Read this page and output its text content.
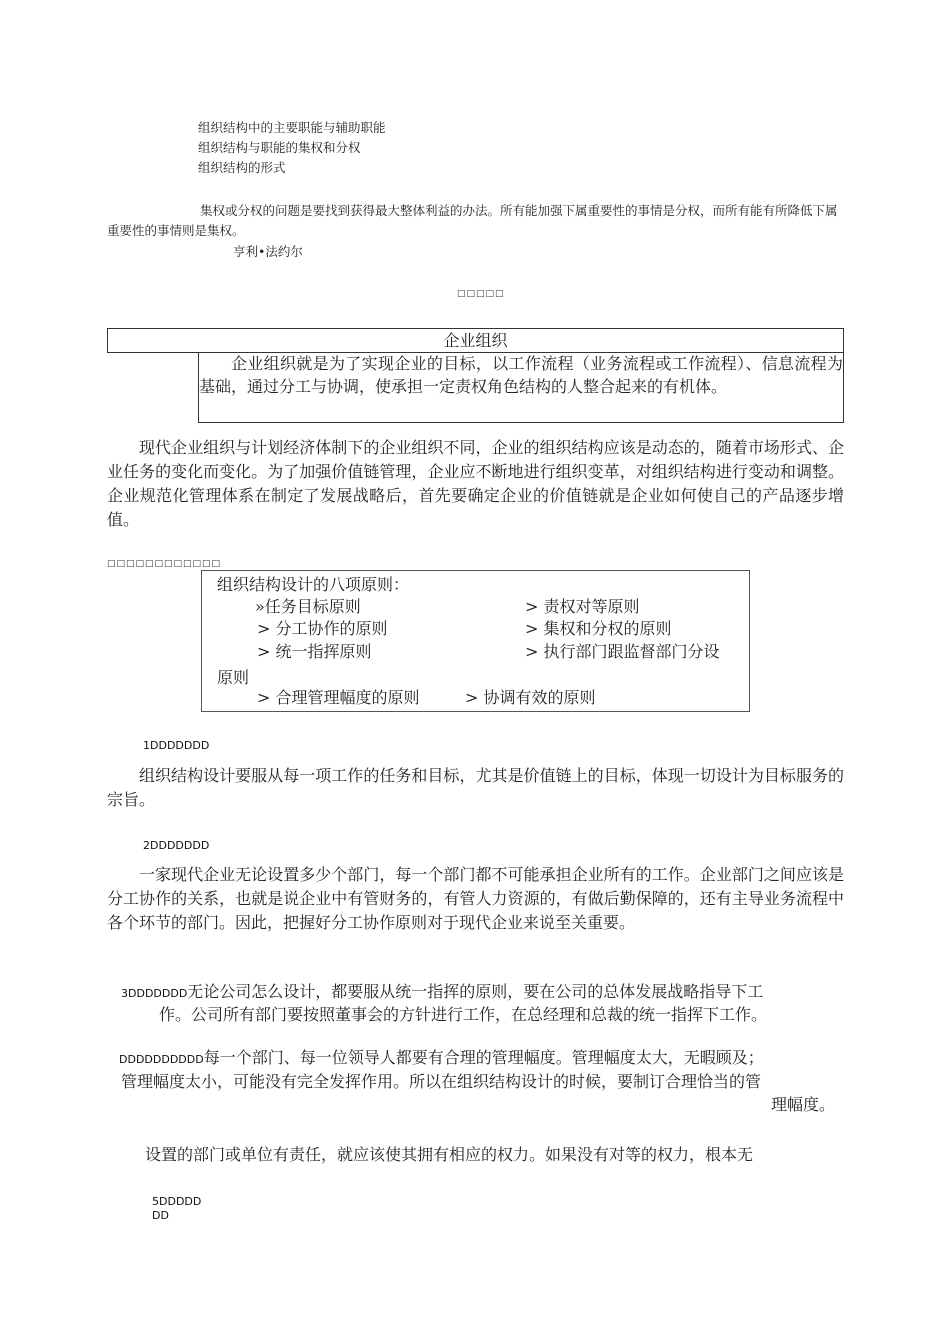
组织结构中的主要职能与辅助职能
组织结构与职能的集权和分权
组织结构的形式
集权或分权的问题是要找到获得最大整体利益的办法。所有能加强下属重要性的事情是分权，而所有能有所降低下属重要性的事情则是集权。
亨利•法约尔
□□□□□
企业组织
企业组织就是为了实现企业的目标，以工作流程（业务流程或工作流程）、信息流程为基础，通过分工与协调，使承担一定责权角色结构的人整合起来的有机体。
现代企业组织与计划经济体制下的企业组织不同，企业的组织结构应该是动态的，随着市场形式、企业任务的变化而变化。为了加强价值链管理，企业应不断地进行组织变革，对组织结构进行变动和调整。企业规范化管理体系在制定了发展战略后，首先要确定企业的价值链就是企业如何使自己的产品逐步增值。
□□□□□□□□□□□□
组织结构设计的八项原则：
»任务目标原则	> 责权对等原则
> 分工协作的原则	> 集权和分权的原则
> 统一指挥原则	> 执行部门跟监督部门分设
原则
> 合理管理幅度的原则	> 协调有效的原则
1DDDDDDD
组织结构设计要服从每一项工作的任务和目标，尤其是价值链上的目标，体现一切设计为目标服务的宗旨。
2DDDDDDD
一家现代企业无论设置多少个部门，每一个部门都不可能承担企业所有的工作。企业部门之间应该是分工协作的关系，也就是说企业中有管财务的，有管人力资源的，有做后勤保障的，还有主导业务流程中各个环节的部门。因此，把握好分工协作原则对于现代企业来说至关重要。
3DDDDDDD无论公司怎么设计，都要服从统一指挥的原则，要在公司的总体发展战略指导下工
作。公司所有部门要按照董事会的方针进行工作，在总经理和总裁的统一指挥下工作。
DDDDDDDDDD每一个部门、每一位领导人都要有合理的管理幅度。管理幅度太大，无暇顾及；
管理幅度太小，可能没有完全发挥作用。所以在组织结构设计的时候，要制订合理恰当的管
理幅度。
设置的部门或单位有责任，就应该使其拥有相应的权力。如果没有对等的权力，根本无
5DDDDD
DD
